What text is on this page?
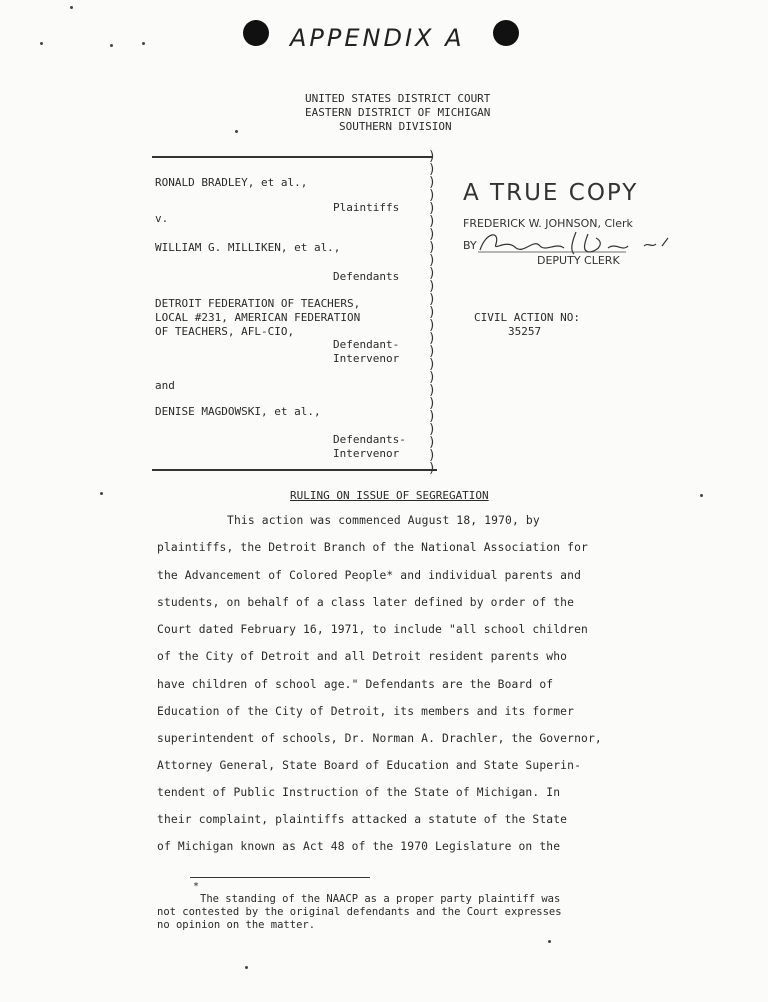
APPENDIX A
UNITED STATES DISTRICT COURT
EASTERN DISTRICT OF MICHIGAN
SOUTHERN DIVISION
)
)
)
)
)
)
)
)
)
)
)
)
)
)
)
)
)
)
)
)
)
)
)
)
)
RONALD BRADLEY, et al.,
Plaintiffs
v.
WILLIAM G. MILLIKEN, et al.,
Defendants
DETROIT FEDERATION OF TEACHERS,
LOCAL #231, AMERICAN FEDERATION
OF TEACHERS, AFL-CIO,
Defendant-
Intervenor
and
DENISE MAGDOWSKI, et al.,
Defendants-
Intervenor
A TRUE COPY
FREDERICK W. JOHNSON, Clerk
BY
DEPUTY CLERK
CIVIL ACTION NO:
35257
RULING ON ISSUE OF SEGREGATION
This action was commenced August 18, 1970, by
plaintiffs, the Detroit Branch of the National Association for
the Advancement of Colored People* and individual parents and
students, on behalf of a class later defined by order of the
Court dated February 16, 1971, to include "all school children
of the City of Detroit and all Detroit resident parents who
have children of school age." Defendants are the Board of
Education of the City of Detroit, its members and its former
superintendent of schools, Dr. Norman A. Drachler, the Governor,
Attorney General, State Board of Education and State Superin-
tendent of Public Instruction of the State of Michigan. In
their complaint, plaintiffs attacked a statute of the State
of Michigan known as Act 48 of the 1970 Legislature on the
*
The standing of the NAACP as a proper party plaintiff was
not contested by the original defendants and the Court expresses
no opinion on the matter.
